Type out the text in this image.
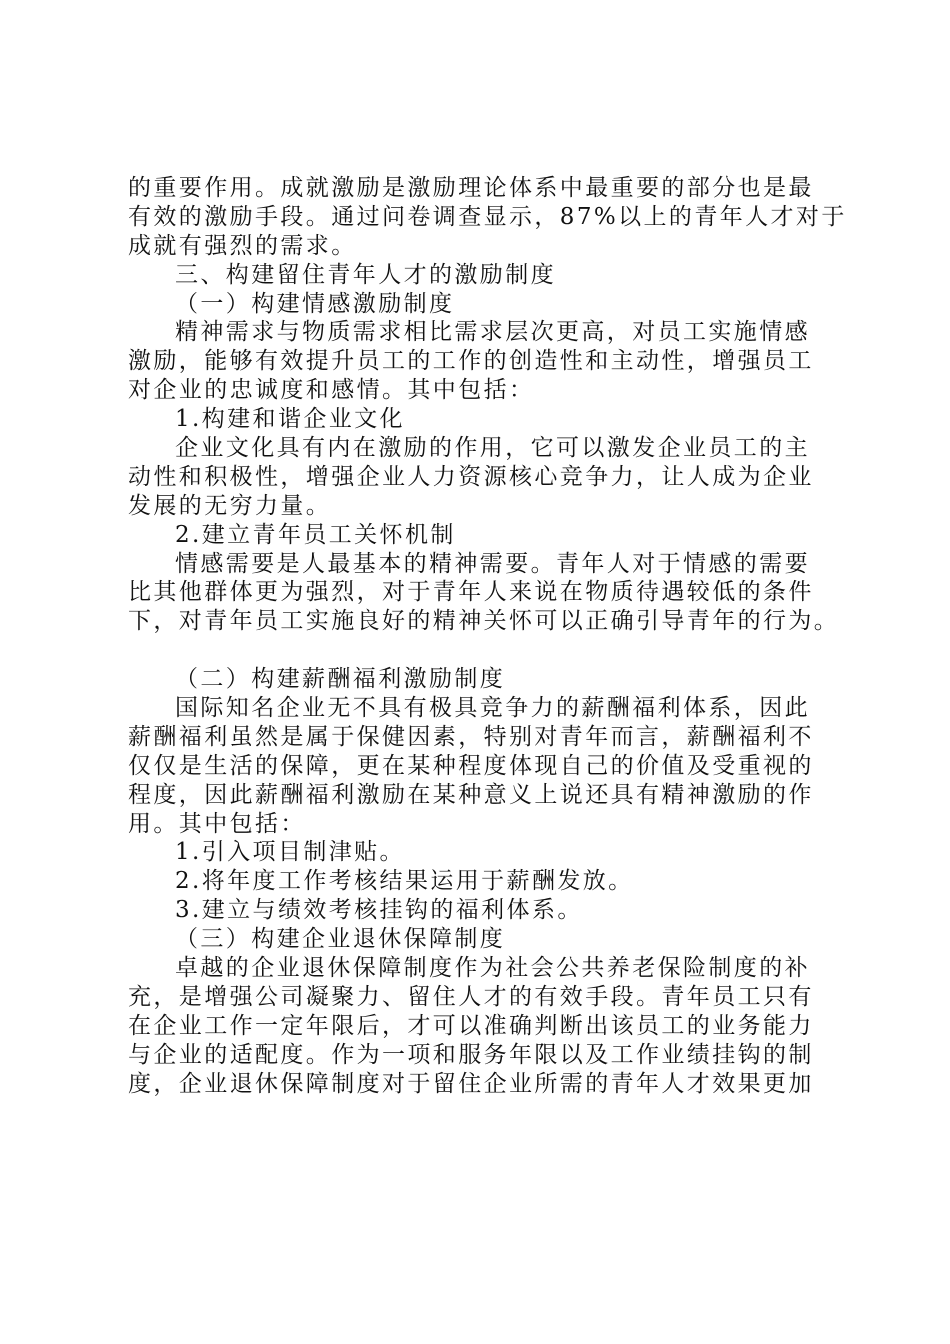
的重要作用。成就激励是激励理论体系中最重要的部分也是最
有效的激励手段。通过问卷调查显示，87%以上的青年人才对于
成就有强烈的需求。
三、构建留住青年人才的激励制度
（一）构建情感激励制度
精神需求与物质需求相比需求层次更高，对员工实施情感
激励，能够有效提升员工的工作的创造性和主动性，增强员工
对企业的忠诚度和感情。其中包括：
1.构建和谐企业文化
企业文化具有内在激励的作用，它可以激发企业员工的主
动性和积极性，增强企业人力资源核心竞争力，让人成为企业
发展的无穷力量。
2.建立青年员工关怀机制
情感需要是人最基本的精神需要。青年人对于情感的需要
比其他群体更为强烈，对于青年人来说在物质待遇较低的条件
下，对青年员工实施良好的精神关怀可以正确引导青年的行为。
（二）构建薪酬福利激励制度
国际知名企业无不具有极具竞争力的薪酬福利体系，因此
薪酬福利虽然是属于保健因素，特别对青年而言，薪酬福利不
仅仅是生活的保障，更在某种程度体现自己的价值及受重视的
程度，因此薪酬福利激励在某种意义上说还具有精神激励的作
用。其中包括：
1.引入项目制津贴。
2.将年度工作考核结果运用于薪酬发放。
3.建立与绩效考核挂钩的福利体系。
（三）构建企业退休保障制度
卓越的企业退休保障制度作为社会公共养老保险制度的补
充，是增强公司凝聚力、留住人才的有效手段。青年员工只有
在企业工作一定年限后，才可以准确判断出该员工的业务能力
与企业的适配度。作为一项和服务年限以及工作业绩挂钩的制
度，企业退休保障制度对于留住企业所需的青年人才效果更加
